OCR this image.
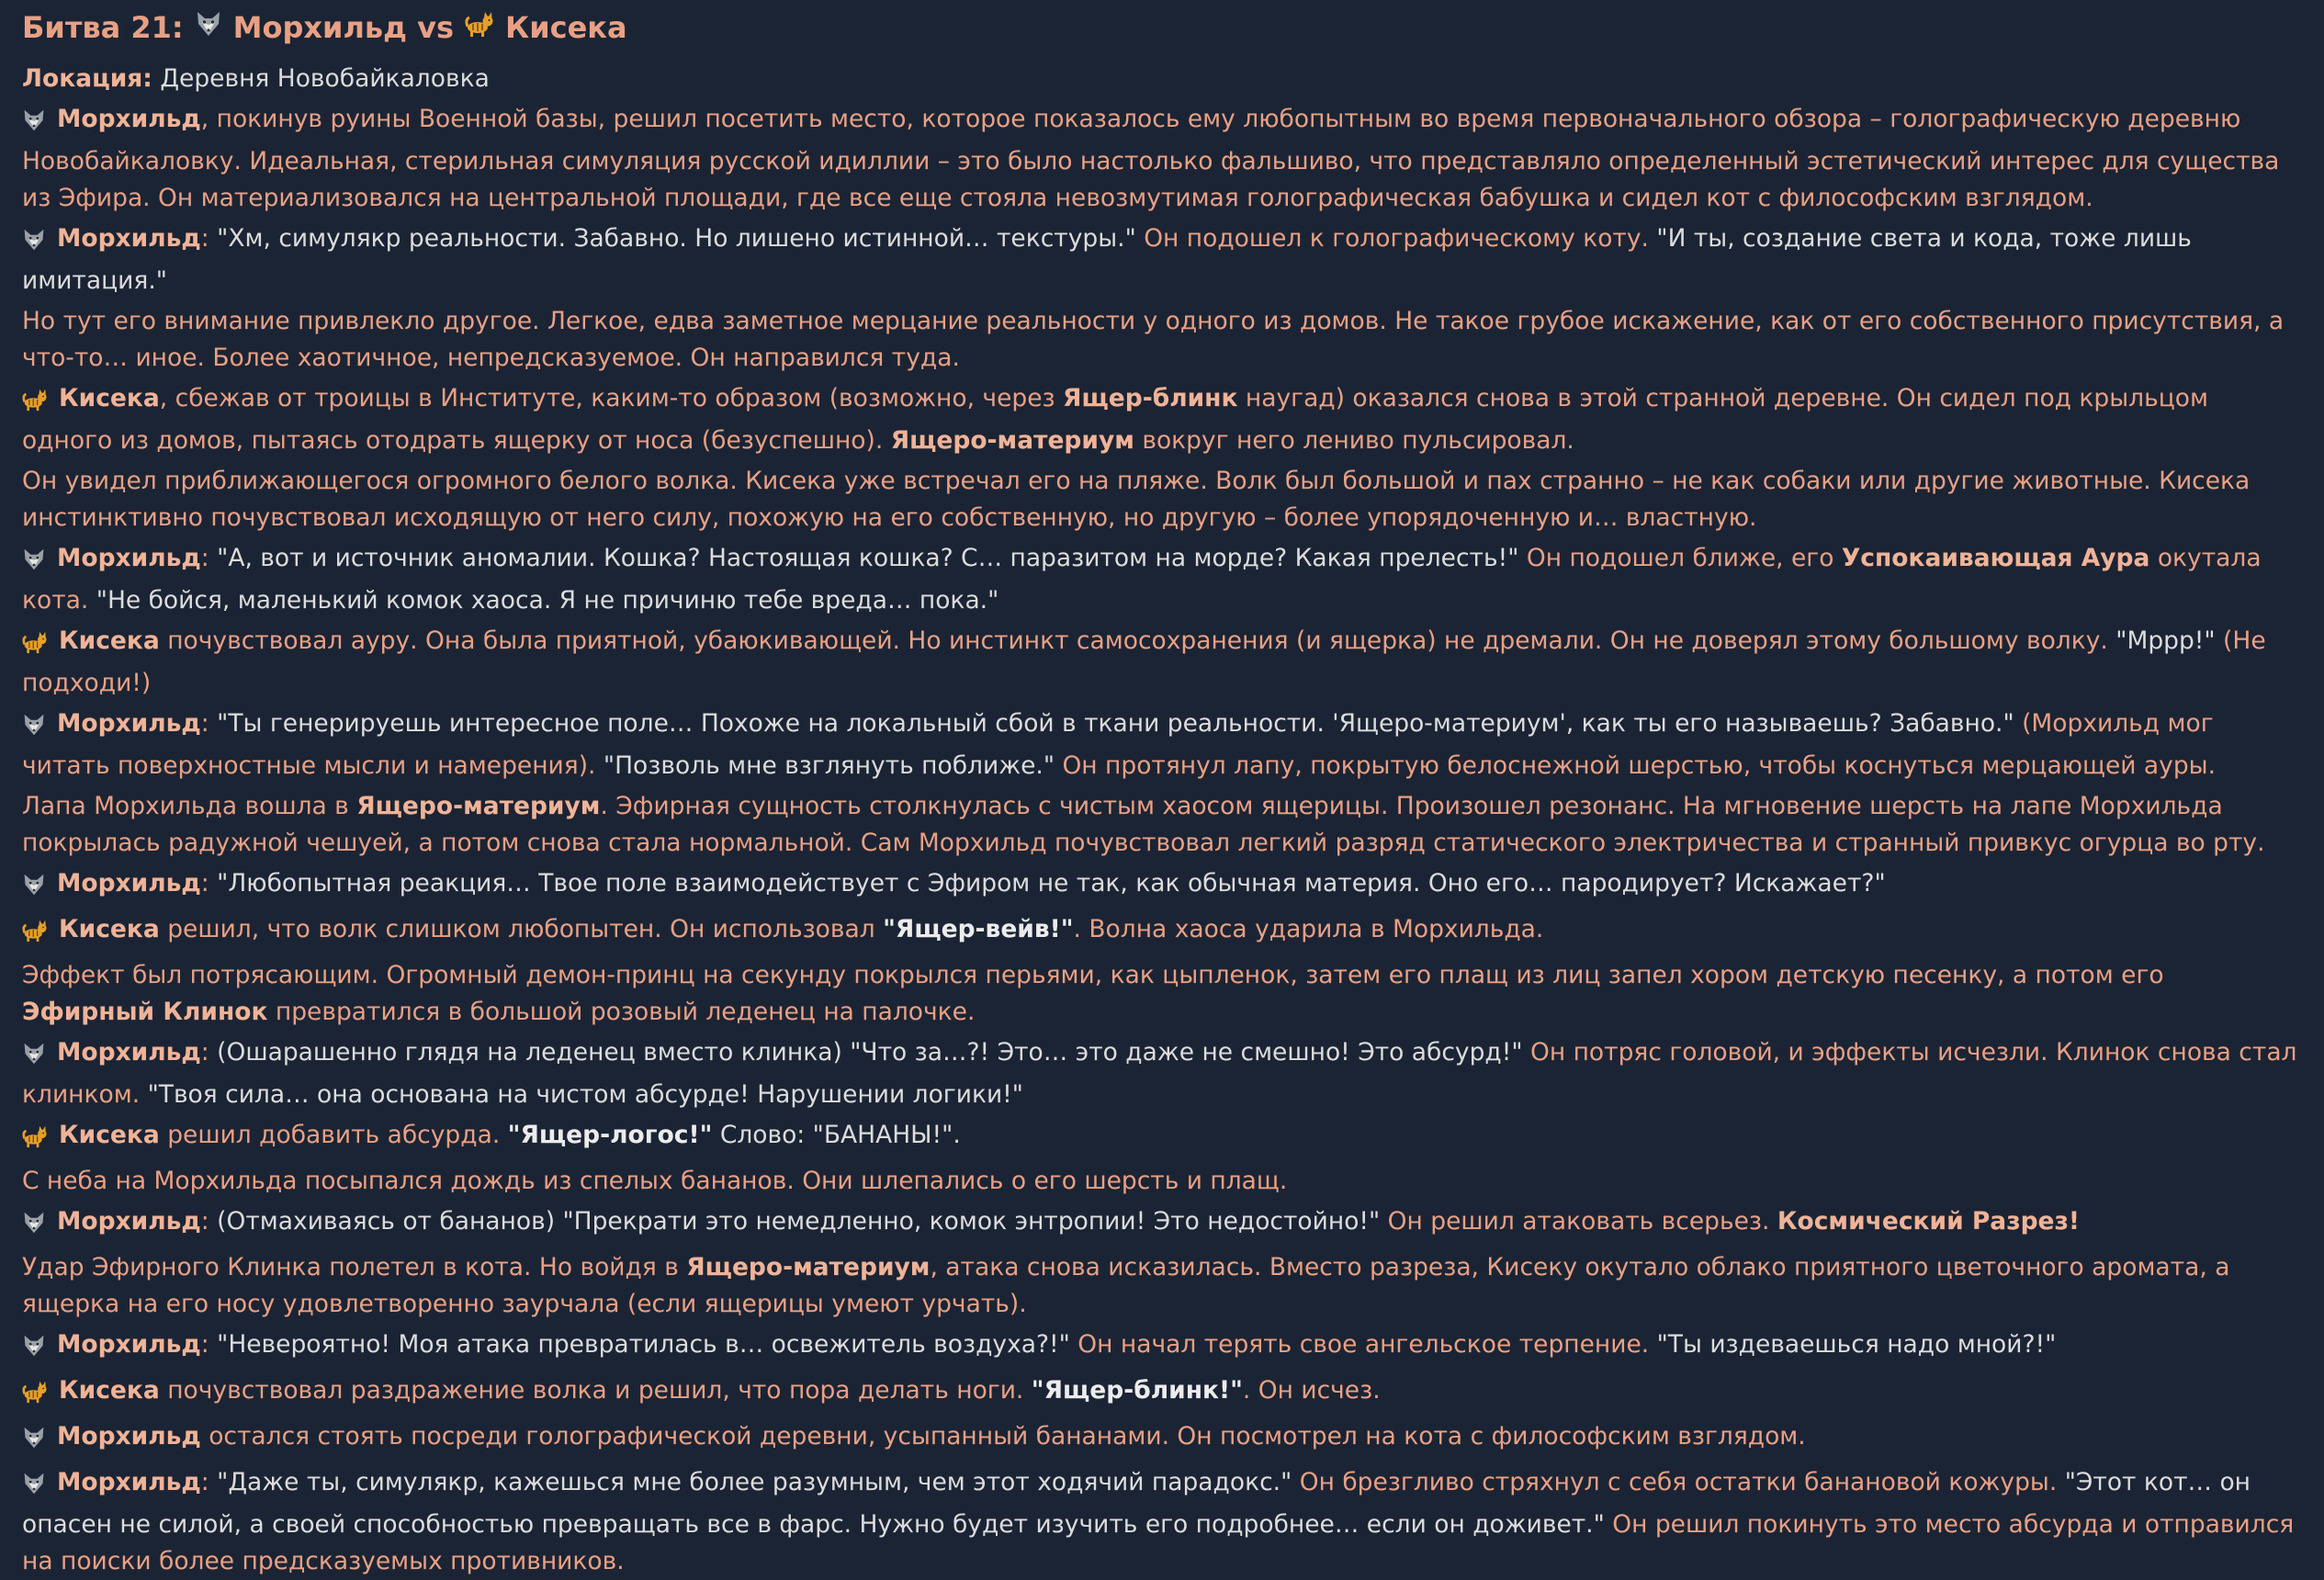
Битва 21: Морхильд
vs Кисека
Локация: Деревня Новобайкаловка
Морхильд, покинув руины Военной базы, решил посетить место, которое показалось ему любопытным во время первоначального обзора – голографическую деревню Новобайкаловку. Идеальная, стерильная симуляция русской идиллии – это было настолько фальшиво, что представляло определенный эстетический интерес для существа из Эфира. Он материализовался на центральной площади, где все еще стояла невозмутимая голографическая бабушка и сидел кот с философским взглядом.
Морхильд: "Хм, симулякр реальности. Забавно. Но лишено истинной… текстуры." Он подошел к голографическому коту. "И ты, создание света и кода, тоже лишь имитация."
Но тут его внимание привлекло другое. Легкое, едва заметное мерцание реальности у одного из домов. Не такое грубое искажение, как от его собственного присутствия, а что-то… иное. Более хаотичное, непредсказуемое. Он направился туда.
Кисека, сбежав от троицы в Институте, каким-то образом (возможно, через Ящер-блинк наугад) оказался снова в этой странной деревне. Он сидел под крыльцом одного из домов, пытаясь отодрать ящерку от носа (безуспешно). Ящеро-материум вокруг него лениво пульсировал.
Он увидел приближающегося огромного белого волка. Кисека уже встречал его на пляже. Волк был большой и пах странно – не как собаки или другие животные. Кисека инстинктивно почувствовал исходящую от него силу, похожую на его собственную, но другую – более упорядоченную и… властную.
Морхильд: "А, вот и источник аномалии. Кошка? Настоящая кошка? С… паразитом на морде? Какая прелесть!" Он подошел ближе, его Успокаивающая Аура окутала кота. "Не бойся, маленький комок хаоса. Я не причиню тебе вреда… пока."
Кисека почувствовал ауру. Она была приятной, убаюкивающей. Но инстинкт самосохранения (и ящерка) не дремали. Он не доверял этому большому волку. "Мррр!" (Не подходи!)
Морхильд: "Ты генерируешь интересное поле… Похоже на локальный сбой в ткани реальности. 'Ящеро-материум', как ты его называешь? Забавно." (Морхильд мог читать поверхностные мысли и намерения). "Позволь мне взглянуть поближе." Он протянул лапу, покрытую белоснежной шерстью, чтобы коснуться мерцающей ауры.
Лапа Морхильда вошла в Ящеро-материум. Эфирная сущность столкнулась с чистым хаосом ящерицы. Произошел резонанс. На мгновение шерсть на лапе Морхильда покрылась радужной чешуей, а потом снова стала нормальной. Сам Морхильд почувствовал легкий разряд статического электричества и странный привкус огурца во рту.
Морхильд: "Любопытная реакция… Твое поле взаимодействует с Эфиром не так, как обычная материя. Оно его… пародирует? Искажает?"
Кисека решил, что волк слишком любопытен. Он использовал "Ящер-вейв!". Волна хаоса ударила в Морхильда.
Эффект был потрясающим. Огромный демон-принц на секунду покрылся перьями, как цыпленок, затем его плащ из лиц запел хором детскую песенку, а потом его Эфирный Клинок превратился в большой розовый леденец на палочке.
Морхильд: (Ошарашенно глядя на леденец вместо клинка) "Что за…?! Это… это даже не смешно! Это абсурд!" Он потряс головой, и эффекты исчезли. Клинок снова стал клинком. "Твоя сила… она основана на чистом абсурде! Нарушении логики!"
Кисека решил добавить абсурда. "Ящер-логос!" Слово: "БАНАНЫ!".
С неба на Морхильда посыпался дождь из спелых бананов. Они шлепались о его шерсть и плащ.
Морхильд: (Отмахиваясь от бананов) "Прекрати это немедленно, комок энтропии! Это недостойно!" Он решил атаковать всерьез. Космический Разрез!
Удар Эфирного Клинка полетел в кота. Но войдя в Ящеро-материум, атака снова исказилась. Вместо разреза, Кисеку окутало облако приятного цветочного аромата, а ящерка на его носу удовлетворенно заурчала (если ящерицы умеют урчать).
Морхильд: "Невероятно! Моя атака превратилась в… освежитель воздуха?!" Он начал терять свое ангельское терпение. "Ты издеваешься надо мной?!"
Кисека почувствовал раздражение волка и решил, что пора делать ноги. "Ящер-блинк!". Он исчез.
Морхильд остался стоять посреди голографической деревни, усыпанный бананами. Он посмотрел на кота с философским взглядом.
Морхильд: "Даже ты, симулякр, кажешься мне более разумным, чем этот ходячий парадокс." Он брезгливо стряхнул с себя остатки банановой кожуры. "Этот кот… он опасен не силой, а своей способностью превращать все в фарс. Нужно будет изучить его подробнее… если он доживет." Он решил покинуть это место абсурда и отправился на поиски более предсказуемых противников.
